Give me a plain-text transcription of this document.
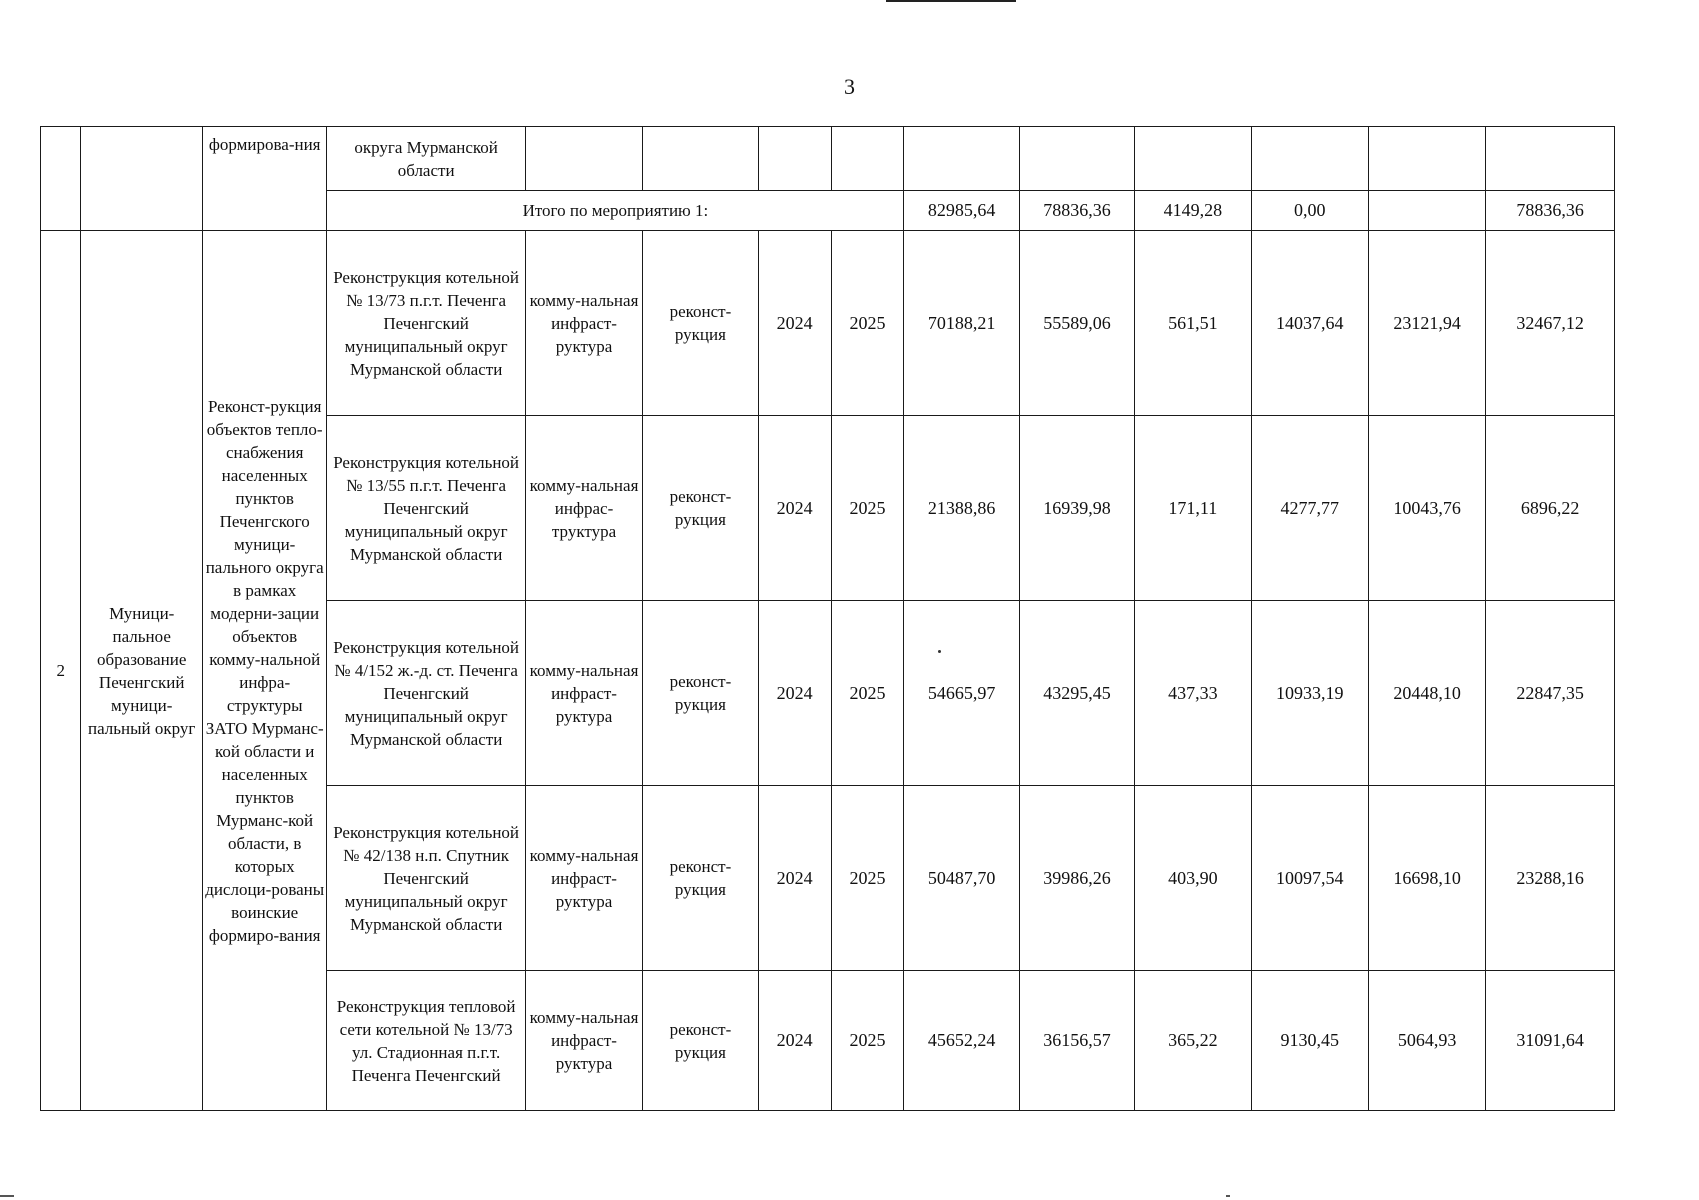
3
		формирова-ния	округа Мурманской области										
			Итого по мероприятию 1:					82985,64	78836,36	4149,28	0,00		78836,36
2	Муници-пальное образование Печенгский муници-пальный округ	Реконст-рукция объектов тепло-снабжения населенных пунктов Печенгского муници-пального округа в рамках модерни-зации объектов комму-нальной инфра-структуры ЗАТО Мурманс-кой области и населенных пунктов Мурманс-кой области, в которых дислоци-рованы воинские формиро-вания	Реконструкция котельной № 13/73 п.г.т. Печенга Печенгский муниципальный округ Мурманской области	комму-нальная инфраст-руктура	реконст-рукция	2024	2025	70188,21	55589,06	561,51	14037,64	23121,94	32467,12
			Реконструкция котельной № 13/55 п.г.т. Печенга Печенгский муниципальный округ Мурманской области	комму-нальная инфрас-труктура	реконст-рукция	2024	2025	21388,86	16939,98	171,11	4277,77	10043,76	6896,22
			Реконструкция котельной № 4/152 ж.-д. ст. Печенга Печенгский муниципальный округ Мурманской области	комму-нальная инфраст-руктура	реконст-рукция	2024	2025	54665,97	43295,45	437,33	10933,19	20448,10	22847,35
			Реконструкция котельной № 42/138 н.п. Спутник Печенгский муниципальный округ Мурманской области	комму-нальная инфраст-руктура	реконст-рукция	2024	2025	50487,70	39986,26	403,90	10097,54	16698,10	23288,16
			Реконструкция тепловой сети котельной № 13/73 ул. Стадионная п.г.т. Печенга Печенгский	комму-нальная инфраст-руктура	реконст-рукция	2024	2025	45652,24	36156,57	365,22	9130,45	5064,93	31091,64
